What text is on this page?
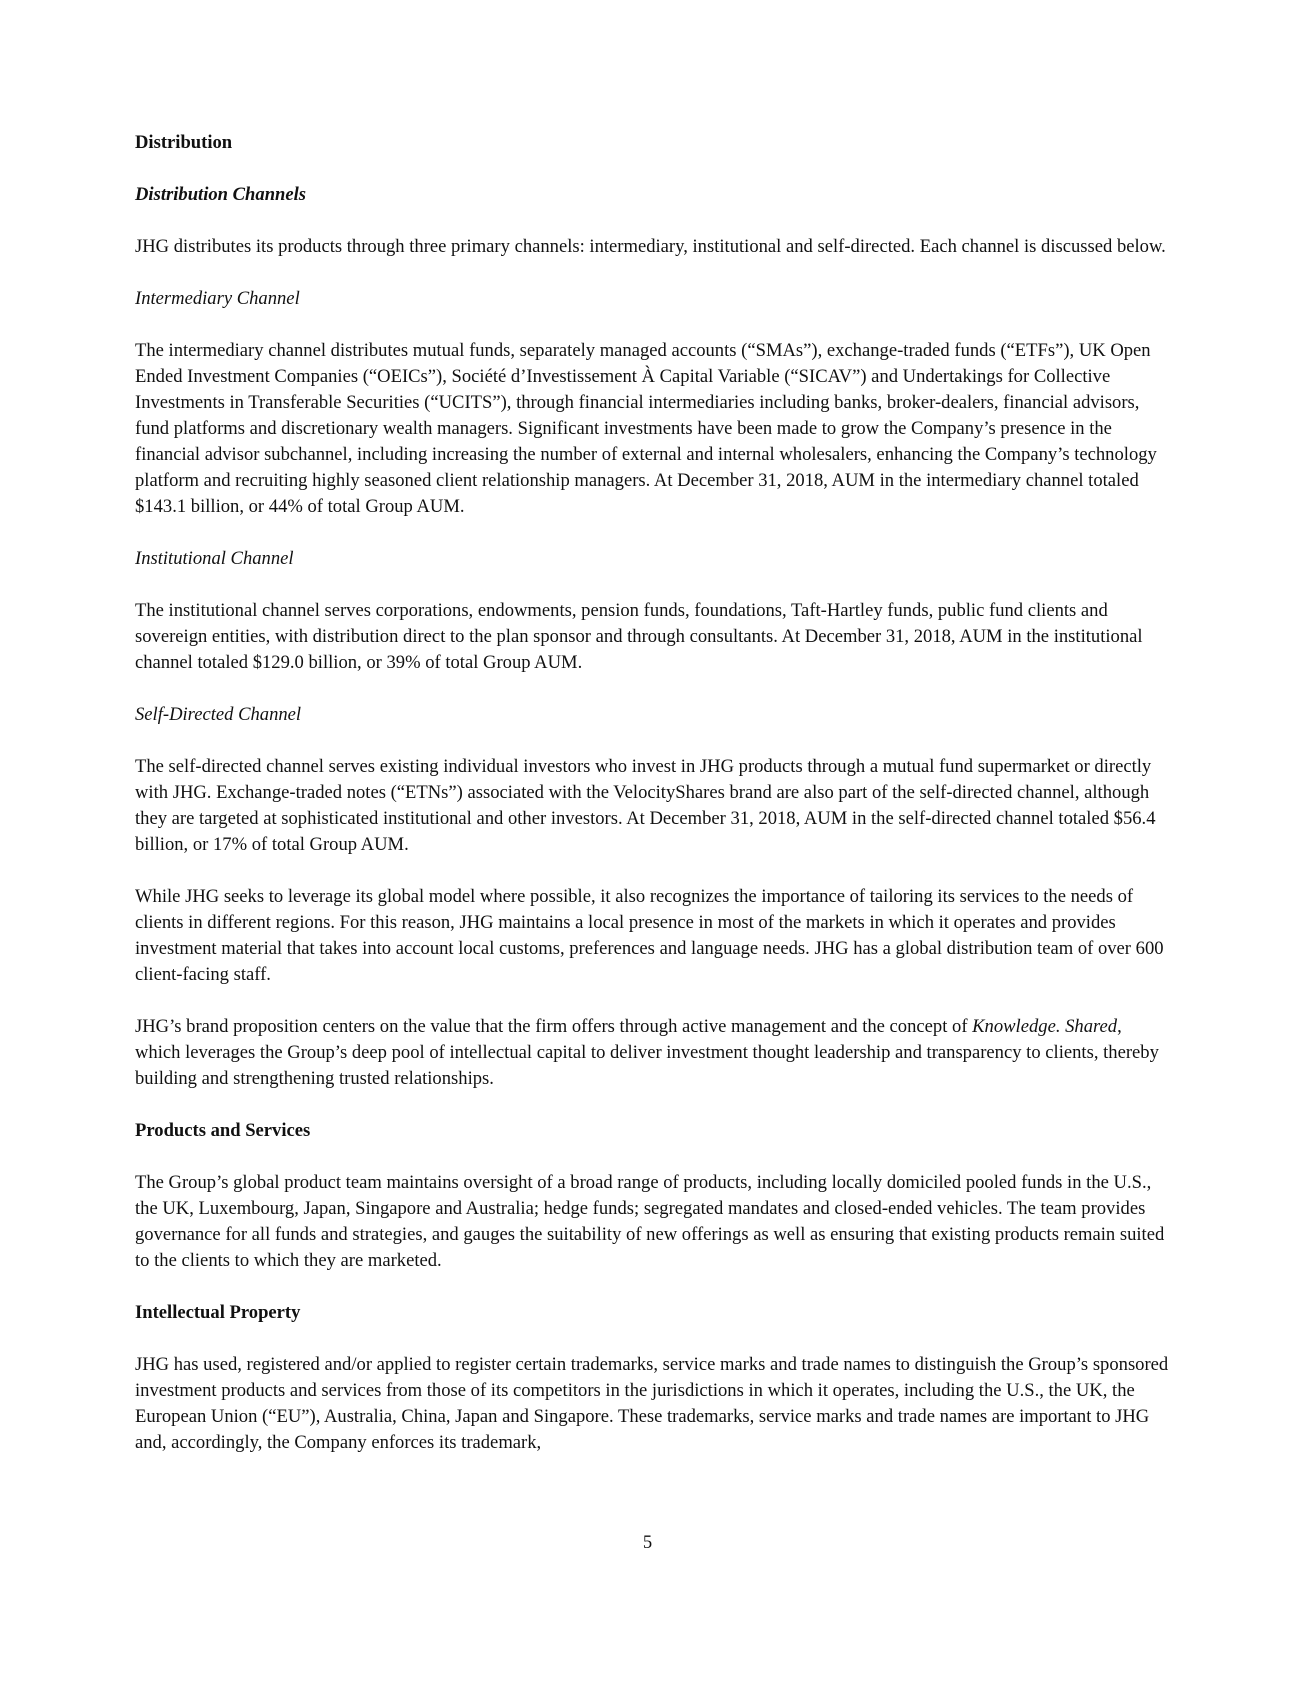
Distribution
Distribution Channels

JHG distributes its products through three primary channels: intermediary, institutional and self-directed. Each channel is discussed below.

Intermediary Channel

The intermediary channel distributes mutual funds, separately managed accounts (“SMAs”), exchange-traded funds (“ETFs”), UK Open Ended Investment Companies (“OEICs”), Société d’Investissement À Capital Variable (“SICAV”) and Undertakings for Collective Investments in Transferable Securities (“UCITS”), through financial intermediaries including banks, broker-dealers, financial advisors, fund platforms and discretionary wealth managers. Significant investments have been made to grow the Company’s presence in the financial advisor subchannel, including increasing the number of external and internal wholesalers, enhancing the Company’s technology platform and recruiting highly seasoned client relationship managers. At December 31, 2018, AUM in the intermediary channel totaled $143.1 billion, or 44% of total Group AUM.

Institutional Channel

The institutional channel serves corporations, endowments, pension funds, foundations, Taft-Hartley funds, public fund clients and sovereign entities, with distribution direct to the plan sponsor and through consultants. At December 31, 2018, AUM in the institutional channel totaled $129.0 billion, or 39% of total Group AUM.

Self-Directed Channel

The self-directed channel serves existing individual investors who invest in JHG products through a mutual fund supermarket or directly with JHG. Exchange-traded notes (“ETNs”) associated with the VelocityShares brand are also part of the self-directed channel, although they are targeted at sophisticated institutional and other investors. At December 31, 2018, AUM in the self-directed channel totaled $56.4 billion, or 17% of total Group AUM.

While JHG seeks to leverage its global model where possible, it also recognizes the importance of tailoring its services to the needs of clients in different regions. For this reason, JHG maintains a local presence in most of the markets in which it operates and provides investment material that takes into account local customs, preferences and language needs. JHG has a global distribution team of over 600 client-facing staff.

JHG’s brand proposition centers on the value that the firm offers through active management and the concept of Knowledge. Shared, which leverages the Group’s deep pool of intellectual capital to deliver investment thought leadership and transparency to clients, thereby building and strengthening trusted relationships.

Products and Services

The Group’s global product team maintains oversight of a broad range of products, including locally domiciled pooled funds in the U.S., the UK, Luxembourg, Japan, Singapore and Australia; hedge funds; segregated mandates and closed-ended vehicles. The team provides governance for all funds and strategies, and gauges the suitability of new offerings as well as ensuring that existing products remain suited to the clients to which they are marketed.

Intellectual Property

JHG has used, registered and/or applied to register certain trademarks, service marks and trade names to distinguish the Group’s sponsored investment products and services from those of its competitors in the jurisdictions in which it operates, including the U.S., the UK, the European Union (“EU”), Australia, China, Japan and Singapore. These trademarks, service marks and trade names are important to JHG and, accordingly, the Company enforces its trademark,

5
